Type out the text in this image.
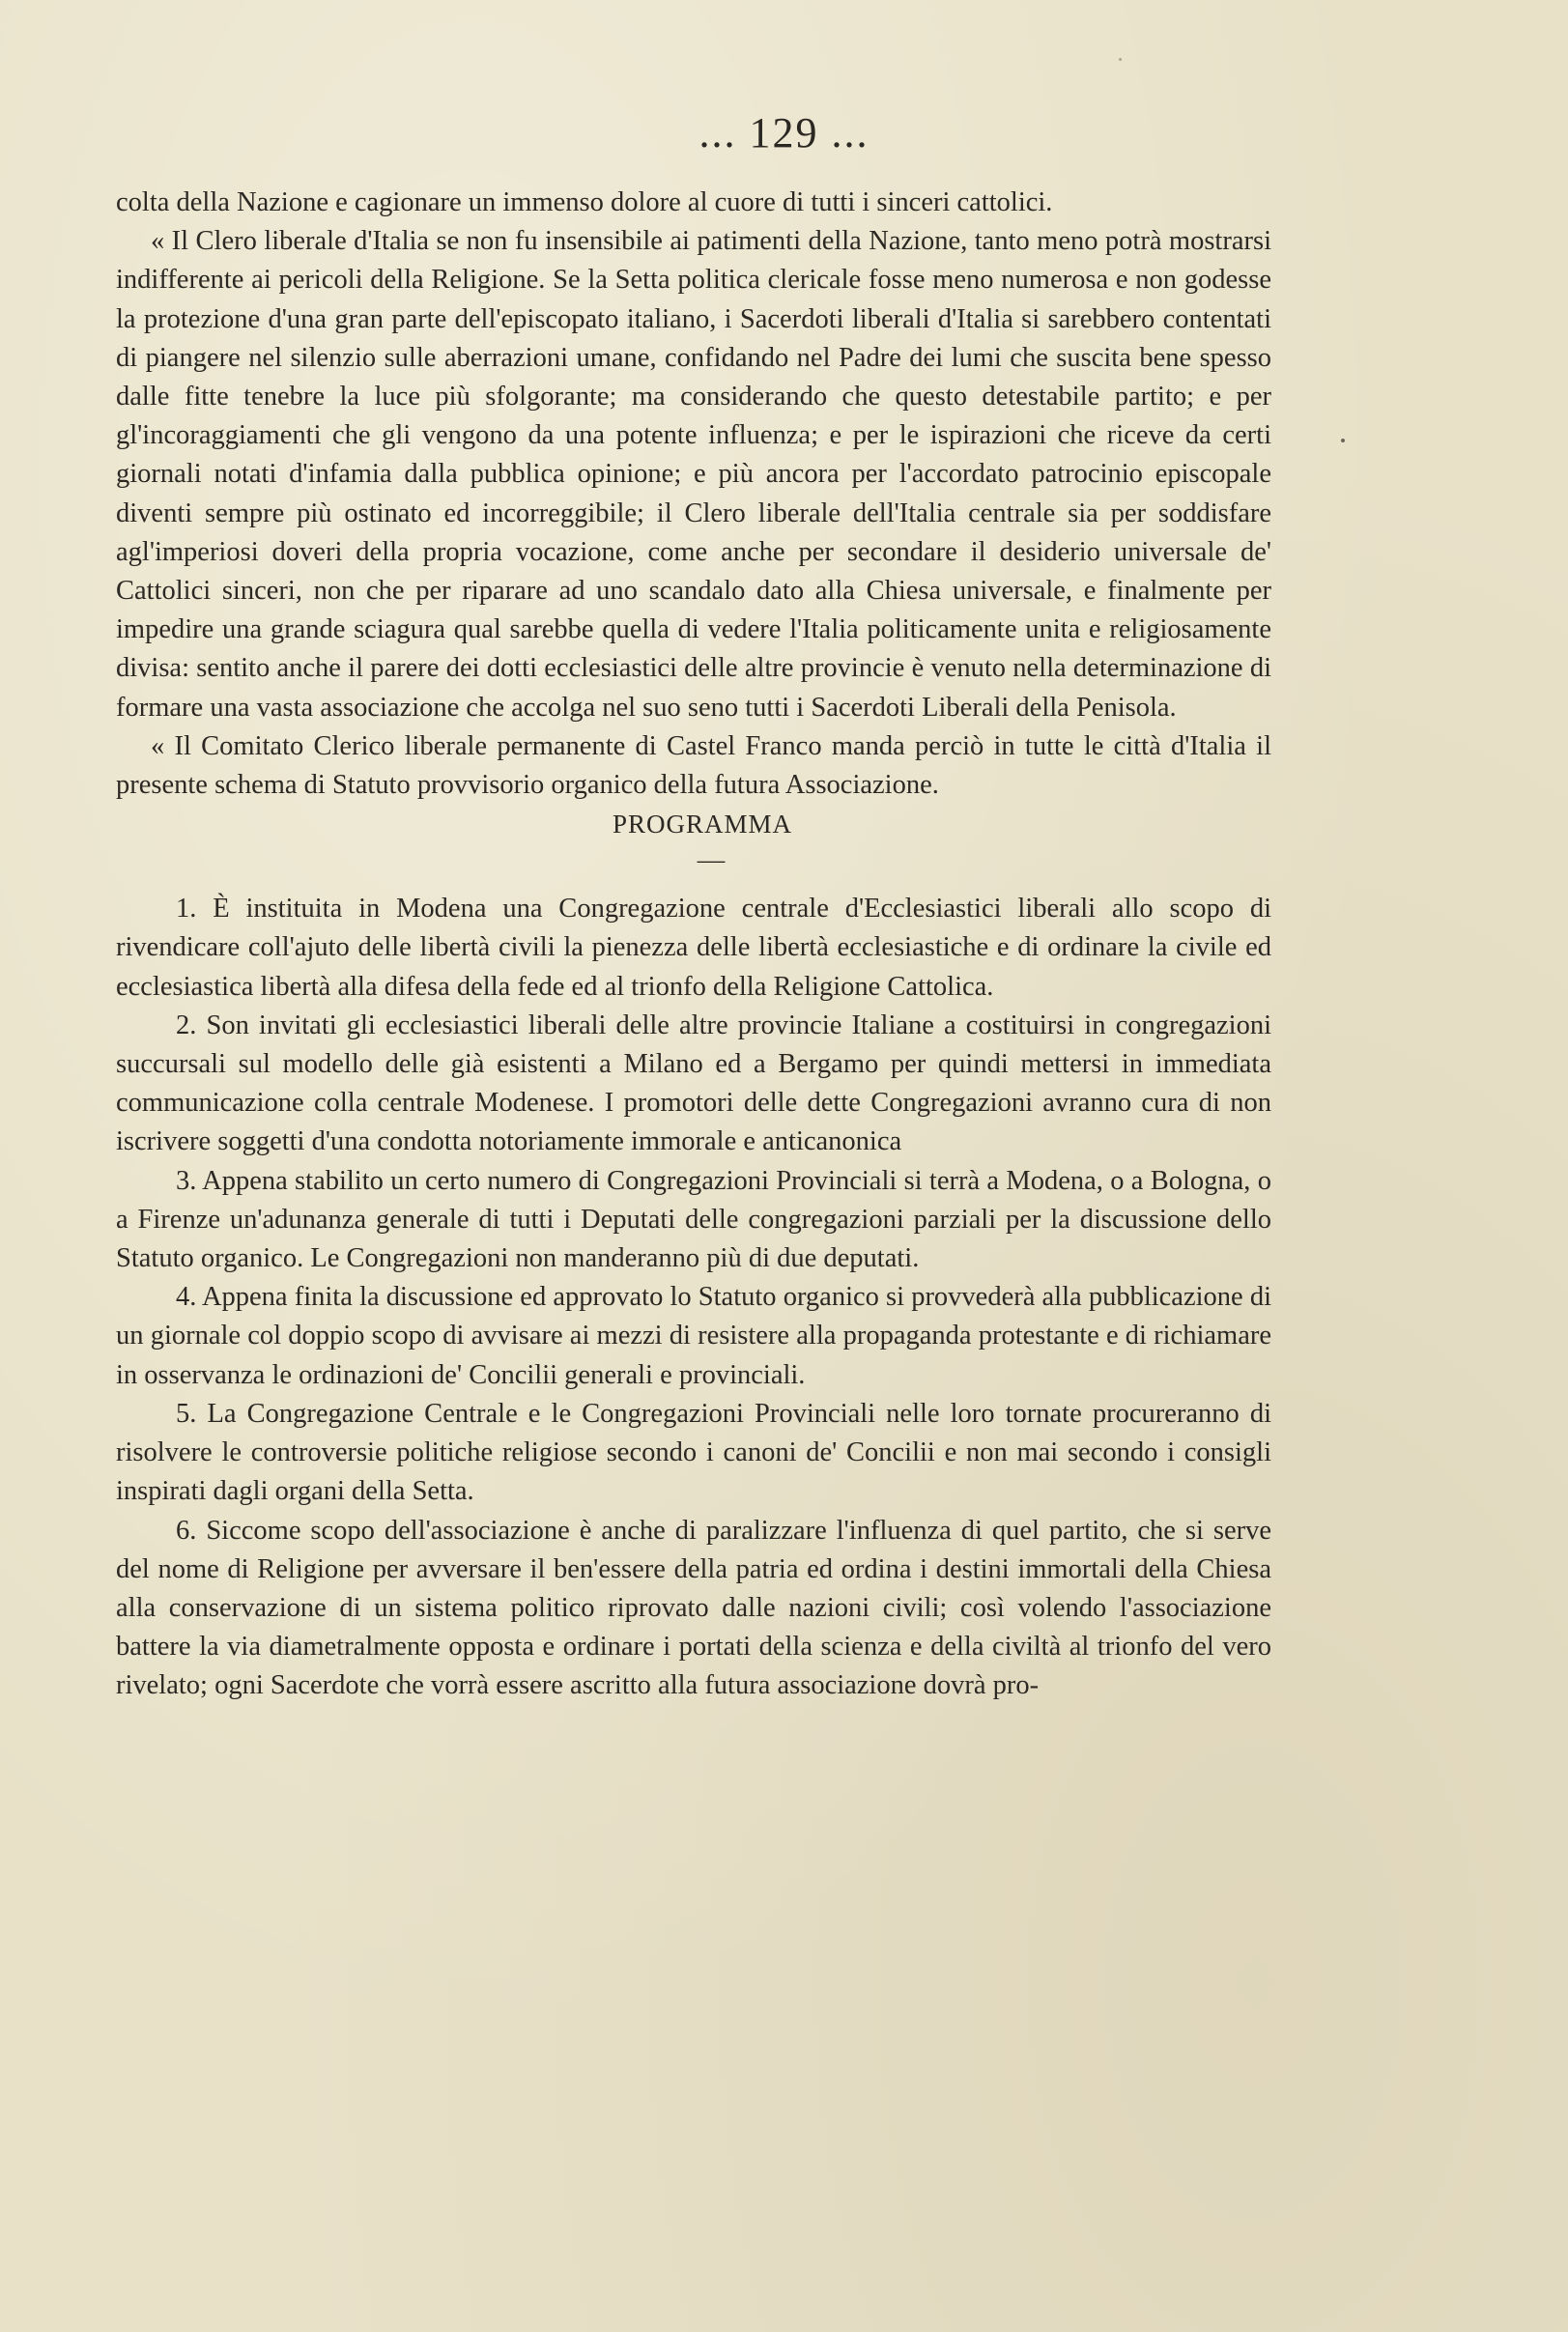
... 129 ...

colta della Nazione e cagionare un immenso dolore al cuore di tutti i sinceri cattolici.

« Il Clero liberale d'Italia se non fu insensibile ai patimenti della Nazione, tanto meno potrà mostrarsi indifferente ai pericoli della Religione. Se la Setta politica clericale fosse meno numerosa e non godesse la protezione d'una gran parte dell'episcopato italiano, i Sacerdoti liberali d'Italia si sarebbero contentati di piangere nel silenzio sulle aberrazioni umane, confidando nel Padre dei lumi che suscita bene spesso dalle fitte tenebre la luce più sfolgorante; ma considerando che questo detestabile partito; e per gl'incoraggiamenti che gli vengono da una potente influenza; e per le ispirazioni che riceve da certi giornali notati d'infamia dalla pubblica opinione; e più ancora per l'accordato patrocinio episcopale diventi sempre più ostinato ed incorreggibile; il Clero liberale dell'Italia centrale sia per soddisfare agl'imperiosi doveri della propria vocazione, come anche per secondare il desiderio universale de' Cattolici sinceri, non che per riparare ad uno scandalo dato alla Chiesa universale, e finalmente per impedire una grande sciagura qual sarebbe quella di vedere l'Italia politicamente unita e religiosamente divisa: sentito anche il parere dei dotti ecclesiastici delle altre provincie è venuto nella determinazione di formare una vasta associazione che accolga nel suo seno tutti i Sacerdoti Liberali della Penisola.

« Il Comitato Clerico liberale permanente di Castel Franco manda perciò in tutte le città d'Italia il presente schema di Statuto provvisorio organico della futura Associazione.

PROGRAMMA

—

1. È instituita in Modena una Congregazione centrale d'Ecclesiastici liberali allo scopo di rivendicare coll'ajuto delle libertà civili la pienezza delle libertà ecclesiastiche e di ordinare la civile ed ecclesiastica libertà alla difesa della fede ed al trionfo della Religione Cattolica.

2. Son invitati gli ecclesiastici liberali delle altre provincie Italiane a costituirsi in congregazioni succursali sul modello delle già esistenti a Milano ed a Bergamo per quindi mettersi in immediata communicazione colla centrale Modenese. I promotori delle dette Congregazioni avranno cura di non iscrivere soggetti d'una condotta notoriamente immorale e anticanonica

3. Appena stabilito un certo numero di Congregazioni Provinciali si terrà a Modena, o a Bologna, o a Firenze un'adunanza generale di tutti i Deputati delle congregazioni parziali per la discussione dello Statuto organico. Le Congregazioni non manderanno più di due deputati.

4. Appena finita la discussione ed approvato lo Statuto organico si provvederà alla pubblicazione di un giornale col doppio scopo di avvisare ai mezzi di resistere alla propaganda protestante e di richiamare in osservanza le ordinazioni de' Concilii generali e provinciali.

5. La Congregazione Centrale e le Congregazioni Provinciali nelle loro tornate procureranno di risolvere le controversie politiche religiose secondo i canoni de' Concilii e non mai secondo i consigli inspirati dagli organi della Setta.

6. Siccome scopo dell'associazione è anche di paralizzare l'influenza di quel partito, che si serve del nome di Religione per avversare il ben'essere della patria ed ordina i destini immortali della Chiesa alla conservazione di un sistema politico riprovato dalle nazioni civili; così volendo l'associazione battere la via diametralmente opposta e ordinare i portati della scienza e della civiltà al trionfo del vero rivelato; ogni Sacerdote che vorrà essere ascritto alla futura associazione dovrà pro-
